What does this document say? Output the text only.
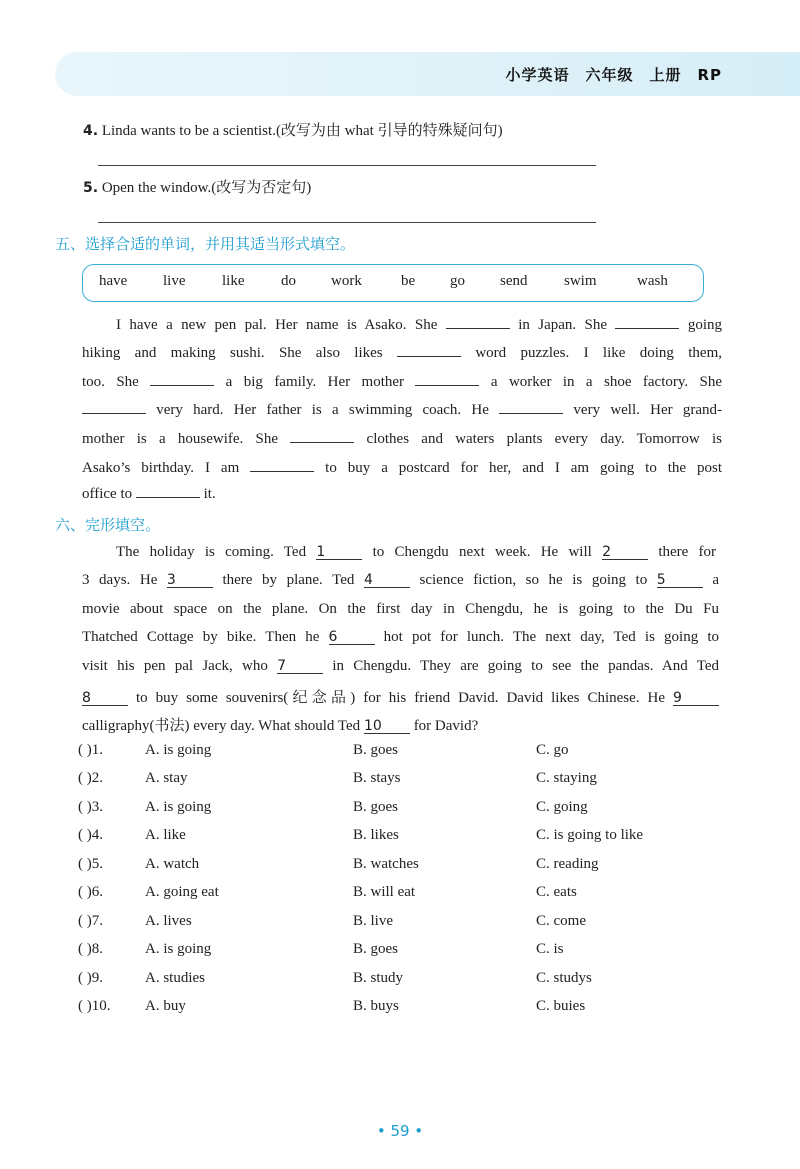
小学英语　六年级　上册　RP
4. Linda wants to be a scientist.(改写为由 what 引导的特殊疑问句)
5. Open the window.(改写为否定句)
五、选择合适的单词，并用其适当形式填空。
have live like do work	be go send swim	wash
I have a new pen pal. Her name is Asako. She	in Japan. She	going
hiking and making sushi. She also likes	word puzzles. I like doing them,
too. She	a big family. Her mother	a worker in a shoe factory. She
very hard. Her father is a swimming coach. He	very well. Her grand-
mother is a housewife. She	clothes and waters plants every day. Tomorrow is
Asako’s birthday. I am	to buy a postcard for her, and I am going to the post
office to	it.
六、完形填空。
The holiday is coming. Ted 1	to Chengdu next week. He will 2	there for
3 days. He 3	there by plane. Ted 4	science fiction, so he is going to 5	a
movie about space on the plane. On the first day in Chengdu, he is going to the Du Fu
Thatched Cottage by bike. Then he 6	hot pot for lunch. The next day, Ted is going to
visit his pen pal Jack, who 7	in Chengdu. They are going to see the pandas. And Ted
8	to buy some souvenirs(纪念品) for his friend David. David likes Chinese. He 9
calligraphy(书法) every day. What should Ted 10 for David?
( )1.	A. is going	B. goes	C. go
( )2.	A. stay	B. stays	C. staying
( )3.	A. is going	B. goes	C. going
( )4.	A. like	B. likes	C. is going to like
( )5.	A. watch	B. watches	C. reading
( )6.	A. going eat	B. will eat	C. eats
( )7.	A. lives	B. live	C. come
( )8.	A. is going	B. goes	C. is
( )9.	A. studies	B. study	C. studys
( )10. A. buy	B. buys	C. buies
• 59 •
